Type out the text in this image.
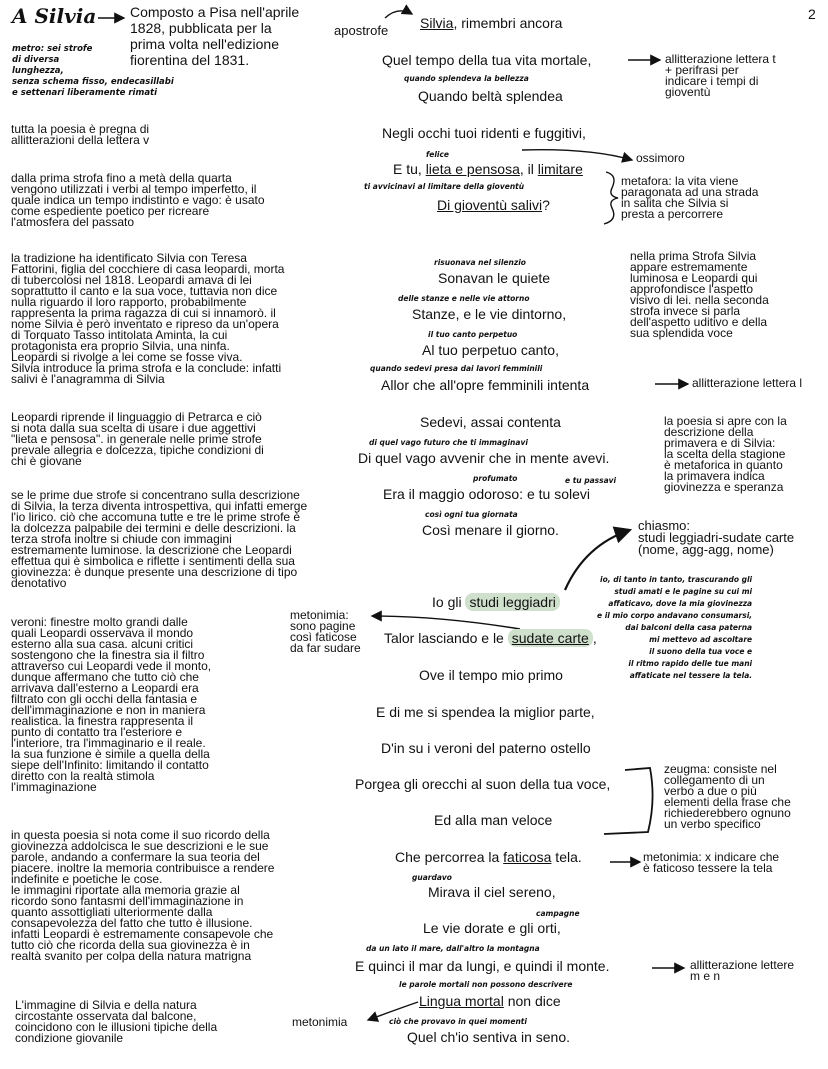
A Silvia	2
Composto a Pisa nell'aprile
1828, pubblicata per la
prima volta nell'edizione
fiorentina del 1831.
metro: sei strofe
di diversa
lunghezza,
senza schema fisso, endecasillabi
e settenari liberamente rimati
apostrofe Silvia, rimembri ancora
Quel tempo della tua vita mortale,
quando splendeva la bellezza
Quando beltà splendea
Negli occhi tuoi ridenti e fuggitivi,
felice
E tu, lieta e pensosa, il limitare
ti avvicinavi al limitare della gioventù
Di gioventù salivi?
risuonava nel silenzio
Sonavan le quiete
delle stanze e nelle vie attorno
Stanze, e le vie dintorno,
il tuo canto perpetuo
Al tuo perpetuo canto,
quando sedevi presa dai lavori femminili
Allor che all'opre femminili intenta
Sedevi, assai contenta
di quel vago futuro che ti immaginavi
Di quel vago avvenir che in mente avevi.
profumato	e tu passavi
Era il maggio odoroso: e tu solevi
così ogni tua giornata
Così menare il giorno.
Io gli studi leggiadri
Talor lasciando e le sudate carte ,
Ove il tempo mio primo
E di me si spendea la miglior parte,
D'in su i veroni del paterno ostello
Porgea gli orecchi al suon della tua voce,
Ed alla man veloce
Che percorrea la faticosa tela.
guardavo
Mirava il ciel sereno,
campagne
Le vie dorate e gli orti,
da un lato il mare, dall'altro la montagna
E quinci il mar da lungi, e quindi il monte.
le parole mortali non possono descrivere
Lingua mortal non dice
ciò che provavo in quei momenti
Quel ch'io sentiva in seno.
tutta la poesia è pregna di
allitterazioni della lettera v
dalla prima strofa fino a metà della quarta
vengono utilizzati i verbi al tempo imperfetto, il
quale indica un tempo indistinto e vago: è usato
come espediente poetico per ricreare
l'atmosfera del passato
la tradizione ha identificato Silvia con Teresa
Fattorini, figlia del cocchiere di casa leopardi, morta
di tubercolosi nel 1818. Leopardi amava di lei
soprattutto il canto e la sua voce, tuttavia non dice
nulla riguardo il loro rapporto, probabilmente
rappresenta la prima ragazza di cui si innamorò. il
nome Silvia è però inventato e ripreso da un'opera
di Torquato Tasso intitolata Aminta, la cui
protagonista era proprio Silvia, una ninfa.
Leopardi si rivolge a lei come se fosse viva.
Silvia introduce la prima strofa e la conclude: infatti
salivi è l'anagramma di Silvia
Leopardi riprende il linguaggio di Petrarca e ciò
si nota dalla sua scelta di usare i due aggettivi
"lieta e pensosa". in generale nelle prime strofe
prevale allegria e dolcezza, tipiche condizioni di
chi è giovane
se le prime due strofe si concentrano sulla descrizione
di Silvia, la terza diventa introspettiva, qui infatti emerge
l'io lirico. ciò che accomuna tutte e tre le prime strofe è
la dolcezza palpabile dei termini e delle descrizioni. la
terza strofa inoltre si chiude con immagini
estremamente luminose. la descrizione che Leopardi
effettua qui è simbolica e riflette i sentimenti della sua
giovinezza: è dunque presente una descrizione di tipo
denotativo
veroni: finestre molto grandi dalle
quali Leopardi osservava il mondo
esterno alla sua casa. alcuni critici
sostengono che la finestra sia il filtro
attraverso cui Leopardi vede il monto,
dunque affermano che tutto ciò che
arrivava dall'esterno a Leopardi era
filtrato con gli occhi della fantasia e
dell'immaginazione e non in maniera
realistica. la finestra rappresenta il
punto di contatto tra l'esteriore e
l'interiore, tra l'immaginario e il reale.
la sua funzione è simile a quella della
siepe dell'Infinito: limitando il contatto
diretto con la realtà stimola
l'immaginazione
in questa poesia si nota come il suo ricordo della
giovinezza addolcisca le sue descrizioni e le sue
parole, andando a confermare la sua teoria del
piacere. inoltre la memoria contribuisce a rendere
indefinite e poetiche le cose.
le immagini riportate alla memoria grazie al
ricordo sono fantasmi dell'immaginazione in
quanto assottigliati ulteriormente dalla
consapevolezza del fatto che tutto è illusione.
infatti Leopardi è estremamente consapevole che
tutto ciò che ricorda della sua giovinezza è in
realtà svanito per colpa della natura matrigna
L'immagine di Silvia e della natura
circostante osservata dal balcone,
coincidono con le illusioni tipiche della
condizione giovanile
metonimia:
sono pagine
così faticose
da far sudare
metonimia
allitterazione lettera t
+ perifrasi per
indicare i tempi di
gioventù
ossimoro
metafora: la vita viene
paragonata ad una strada
in salita che Silvia si
presta a percorrere
nella prima Strofa Silvia
appare estremamente
luminosa e Leopardi qui
approfondisce l'aspetto
visivo di lei. nella seconda
strofa invece si parla
dell'aspetto uditivo e della
sua splendida voce
allitterazione lettera l
la poesia si apre con la
descrizione della
primavera e di Silvia:
la scelta della stagione
è metaforica in quanto
la primavera indica
giovinezza e speranza
chiasmo:
studi leggiadri-sudate carte
(nome, agg-agg, nome)
io, di tanto in tanto, trascurando gli
studi amati e le pagine su cui mi
affaticavo, dove la mia giovinezza
e il mio corpo andavano consumarsi,
dai balconi della casa paterna
mi mettevo ad ascoltare
il suono della tua voce e
il ritmo rapido delle tue mani
affaticate nel tessere la tela.
zeugma: consiste nel
collegamento di un
verbo a due o più
elementi della frase che
richiederebbero ognuno
un verbo specifico
metonimia: x indicare che
è faticoso tessere la tela
allitterazione lettere
m e n
